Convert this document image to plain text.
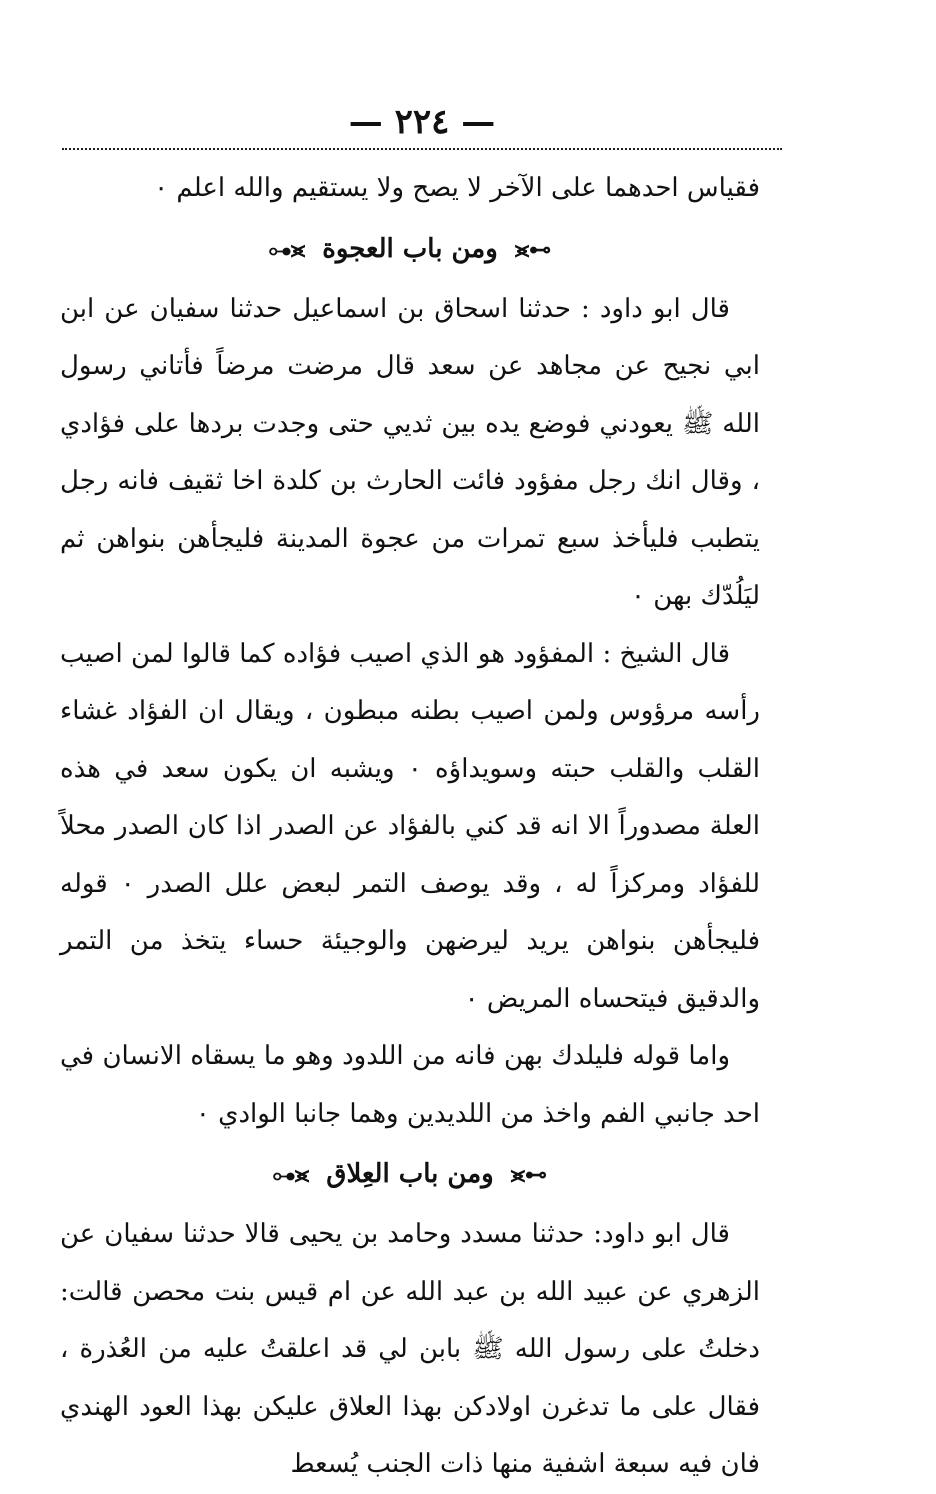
— ٢٢٤ —

فقياس احدهما على الآخر لا يصح ولا يستقيم والله اعلم ٠

⊶⪤ ومن باب العجوة ⪤⊷

قال ابو داود : حدثنا اسحاق بن اسماعيل حدثنا سفيان عن ابن ابي نجيح عن مجاهد عن سعد قال مرضت مرضاً فأتاني رسول الله ﷺ يعودني فوضع يده بين ثديي حتى وجدت بردها على فؤادي ، وقال انك رجل مفؤود فائت الحارث بن كلدة اخا ثقيف فانه رجل يتطبب فليأخذ سبع تمرات من عجوة المدينة فليجأهن بنواهن ثم ليَلُدّك بهن ٠

قال الشيخ : المفؤود هو الذي اصيب فؤاده كما قالوا لمن اصيب رأسه مرؤوس ولمن اصيب بطنه مبطون ، ويقال ان الفؤاد غشاء القلب والقلب حبته وسويداؤه ٠ ويشبه ان يكون سعد في هذه العلة مصدوراً الا انه قد كني بالفؤاد عن الصدر اذا كان الصدر محلاً للفؤاد ومركزاً له ، وقد يوصف التمر لبعض علل الصدر ٠ قوله فليجأهن بنواهن يريد ليرضهن والوجيئة حساء يتخذ من التمر والدقيق فيتحساه المريض ٠

واما قوله فليلدك بهن فانه من اللدود وهو ما يسقاه الانسان في احد جانبي الفم واخذ من اللديدين وهما جانبا الوادي ٠

⊶⪤ ومن باب العِلاق ⪤⊷

قال ابو داود: حدثنا مسدد وحامد بن يحيى قالا حدثنا سفيان عن الزهري عن عبيد الله بن عبد الله عن ام قيس بنت محصن قالت: دخلتُ على رسول الله ﷺ بابن لي قد اعلقتُ عليه من العُذرة ، فقال على ما تدغرن اولادكن بهذا العلاق عليكن بهذا العود الهندي فان فيه سبعة اشفية منها ذات الجنب يُسعط
